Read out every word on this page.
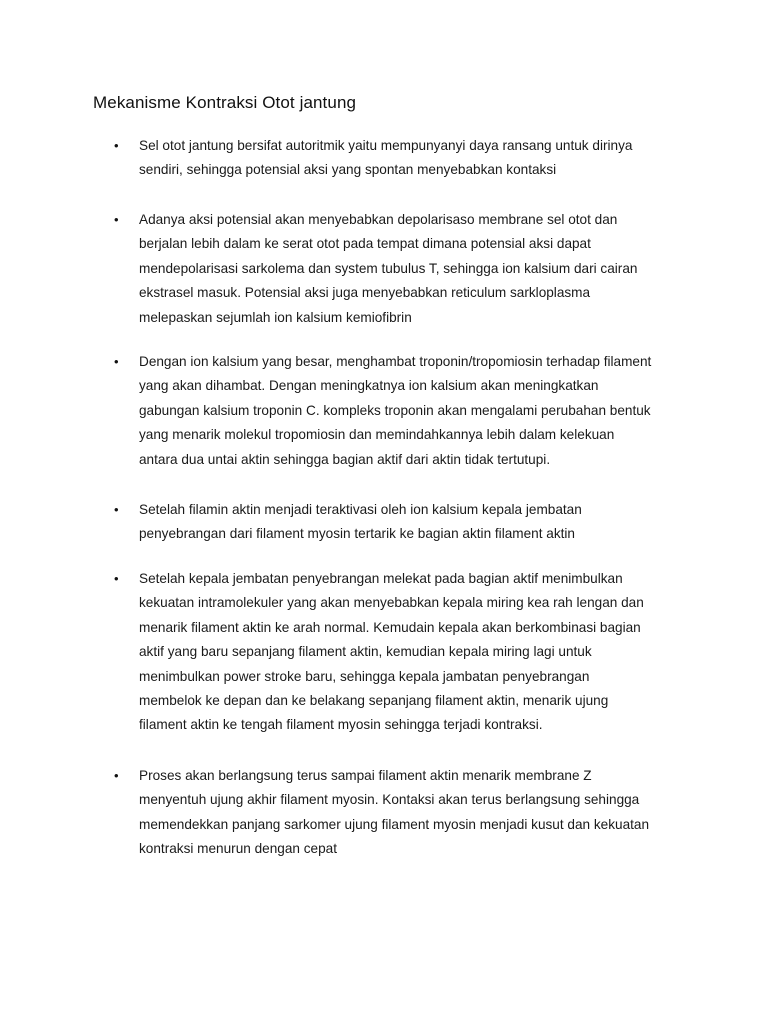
Mekanisme Kontraksi Otot jantung
• Sel otot jantung bersifat autoritmik yaitu mempunyanyi daya ransang untuk dirinya
sendiri, sehingga potensial aksi yang spontan menyebabkan kontaksi
• Adanya aksi potensial akan menyebabkan depolarisaso membrane sel otot dan
berjalan lebih dalam ke serat otot pada tempat dimana potensial aksi dapat
mendepolarisasi sarkolema dan system tubulus T, sehingga ion kalsium dari cairan
ekstrasel masuk. Potensial aksi juga menyebabkan reticulum sarkloplasma
melepaskan sejumlah ion kalsium kemiofibrin
• Dengan ion kalsium yang besar, menghambat troponin/tropomiosin terhadap filament
yang akan dihambat. Dengan meningkatnya ion kalsium akan meningkatkan
gabungan kalsium troponin C. kompleks troponin akan mengalami perubahan bentuk
yang menarik molekul tropomiosin dan memindahkannya lebih dalam kelekuan
antara dua untai aktin sehingga bagian aktif dari aktin tidak tertutupi.
• Setelah filamin aktin menjadi teraktivasi oleh ion kalsium kepala jembatan
penyebrangan dari filament myosin tertarik ke bagian aktin filament aktin
• Setelah kepala jembatan penyebrangan melekat pada bagian aktif menimbulkan
kekuatan intramolekuler yang akan menyebabkan kepala miring kea rah lengan dan
menarik filament aktin ke arah normal. Kemudain kepala akan berkombinasi bagian
aktif yang baru sepanjang filament aktin, kemudian kepala miring lagi untuk
menimbulkan power stroke baru, sehingga kepala jambatan penyebrangan
membelok ke depan dan ke belakang sepanjang filament aktin, menarik ujung
filament aktin ke tengah filament myosin sehingga terjadi kontraksi.
• Proses akan berlangsung terus sampai filament aktin menarik membrane Z
menyentuh ujung akhir filament myosin. Kontaksi akan terus berlangsung sehingga
memendekkan panjang sarkomer ujung filament myosin menjadi kusut dan kekuatan
kontraksi menurun dengan cepat
